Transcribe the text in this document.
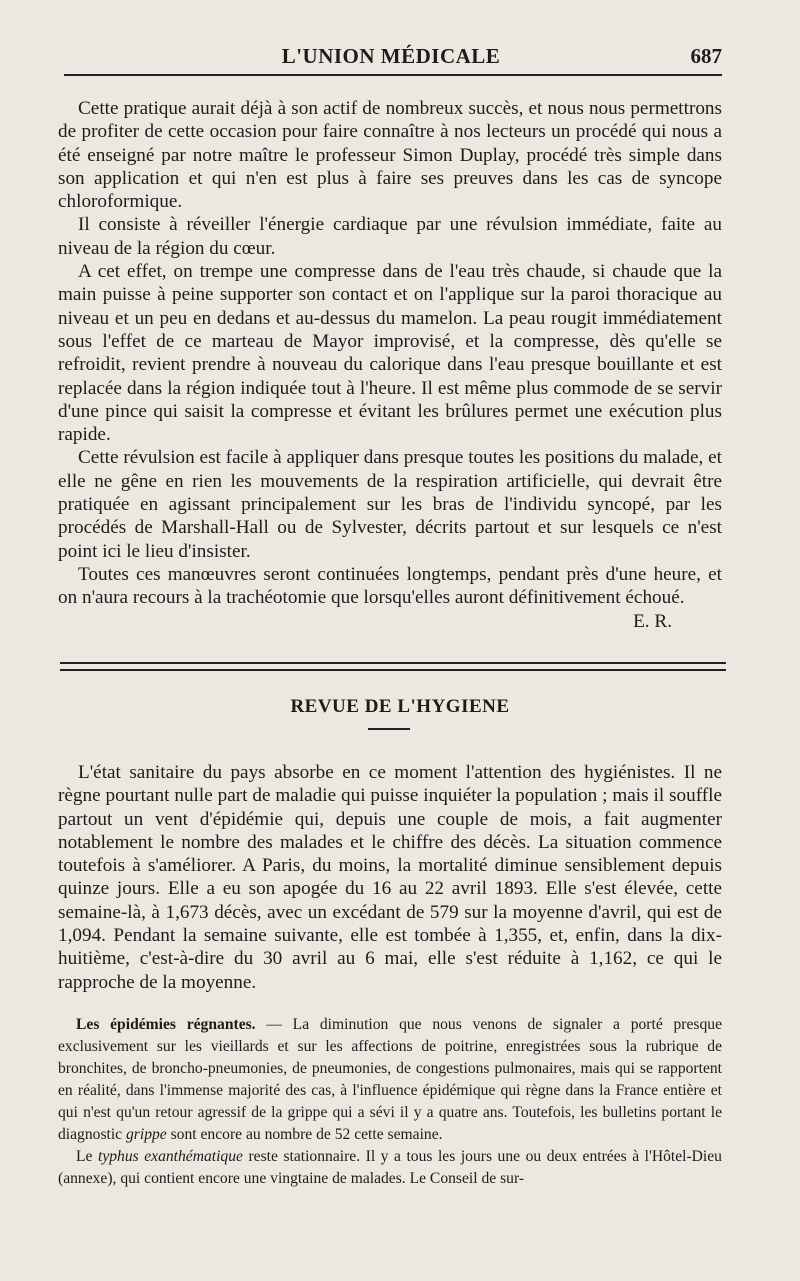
L'UNION MÉDICALE	687

Cette pratique aurait déjà à son actif de nombreux succès, et nous nous permettrons de profiter de cette occasion pour faire connaître à nos lecteurs un procédé qui nous a été enseigné par notre maître le professeur Simon Duplay, procédé très simple dans son application et qui n'en est plus à faire ses preuves dans les cas de syncope chloroformique.

Il consiste à réveiller l'énergie cardiaque par une révulsion immédiate, faite au niveau de la région du cœur.

A cet effet, on trempe une compresse dans de l'eau très chaude, si chaude que la main puisse à peine supporter son contact et on l'applique sur la paroi thoracique au niveau et un peu en dedans et au-dessus du mamelon. La peau rougit immédiatement sous l'effet de ce marteau de Mayor improvisé, et la compresse, dès qu'elle se refroidit, revient prendre à nouveau du calorique dans l'eau presque bouillante et est replacée dans la région indiquée tout à l'heure. Il est même plus commode de se servir d'une pince qui saisit la compresse et évitant les brûlures permet une exécution plus rapide.

Cette révulsion est facile à appliquer dans presque toutes les positions du malade, et elle ne gêne en rien les mouvements de la respiration artificielle, qui devrait être pratiquée en agissant principalement sur les bras de l'individu syncopé, par les procédés de Marshall-Hall ou de Sylvester, décrits partout et sur lesquels ce n'est point ici le lieu d'insister.

Toutes ces manœuvres seront continuées longtemps, pendant près d'une heure, et on n'aura recours à la trachéotomie que lorsqu'elles auront définitivement échoué.
E. R.

REVUE DE L'HYGIENE

L'état sanitaire du pays absorbe en ce moment l'attention des hygiénistes. Il ne règne pourtant nulle part de maladie qui puisse inquiéter la population ; mais il souffle partout un vent d'épidémie qui, depuis une couple de mois, a fait augmenter notablement le nombre des malades et le chiffre des décès. La situation commence toutefois à s'améliorer. A Paris, du moins, la mortalité diminue sensiblement depuis quinze jours. Elle a eu son apogée du 16 au 22 avril 1893. Elle s'est élevée, cette semaine-là, à 1,673 décès, avec un excédant de 579 sur la moyenne d'avril, qui est de 1,094. Pendant la semaine suivante, elle est tombée à 1,355, et, enfin, dans la dix-huitième, c'est-à-dire du 30 avril au 6 mai, elle s'est réduite à 1,162, ce qui le rapproche de la moyenne.

Les épidémies régnantes. — La diminution que nous venons de signaler a porté presque exclusivement sur les vieillards et sur les affections de poitrine, enregistrées sous la rubrique de bronchites, de broncho-pneumonies, de pneumonies, de congestions pulmonaires, mais qui se rapportent en réalité, dans l'immense majorité des cas, à l'influence épidémique qui règne dans la France entière et qui n'est qu'un retour agressif de la grippe qui a sévi il y a quatre ans. Toutefois, les bulletins portant le diagnostic grippe sont encore au nombre de 52 cette semaine.

Le typhus exanthématique reste stationnaire. Il y a tous les jours une ou deux entrées à l'Hôtel-Dieu (annexe), qui contient encore une vingtaine de malades. Le Conseil de sur-
